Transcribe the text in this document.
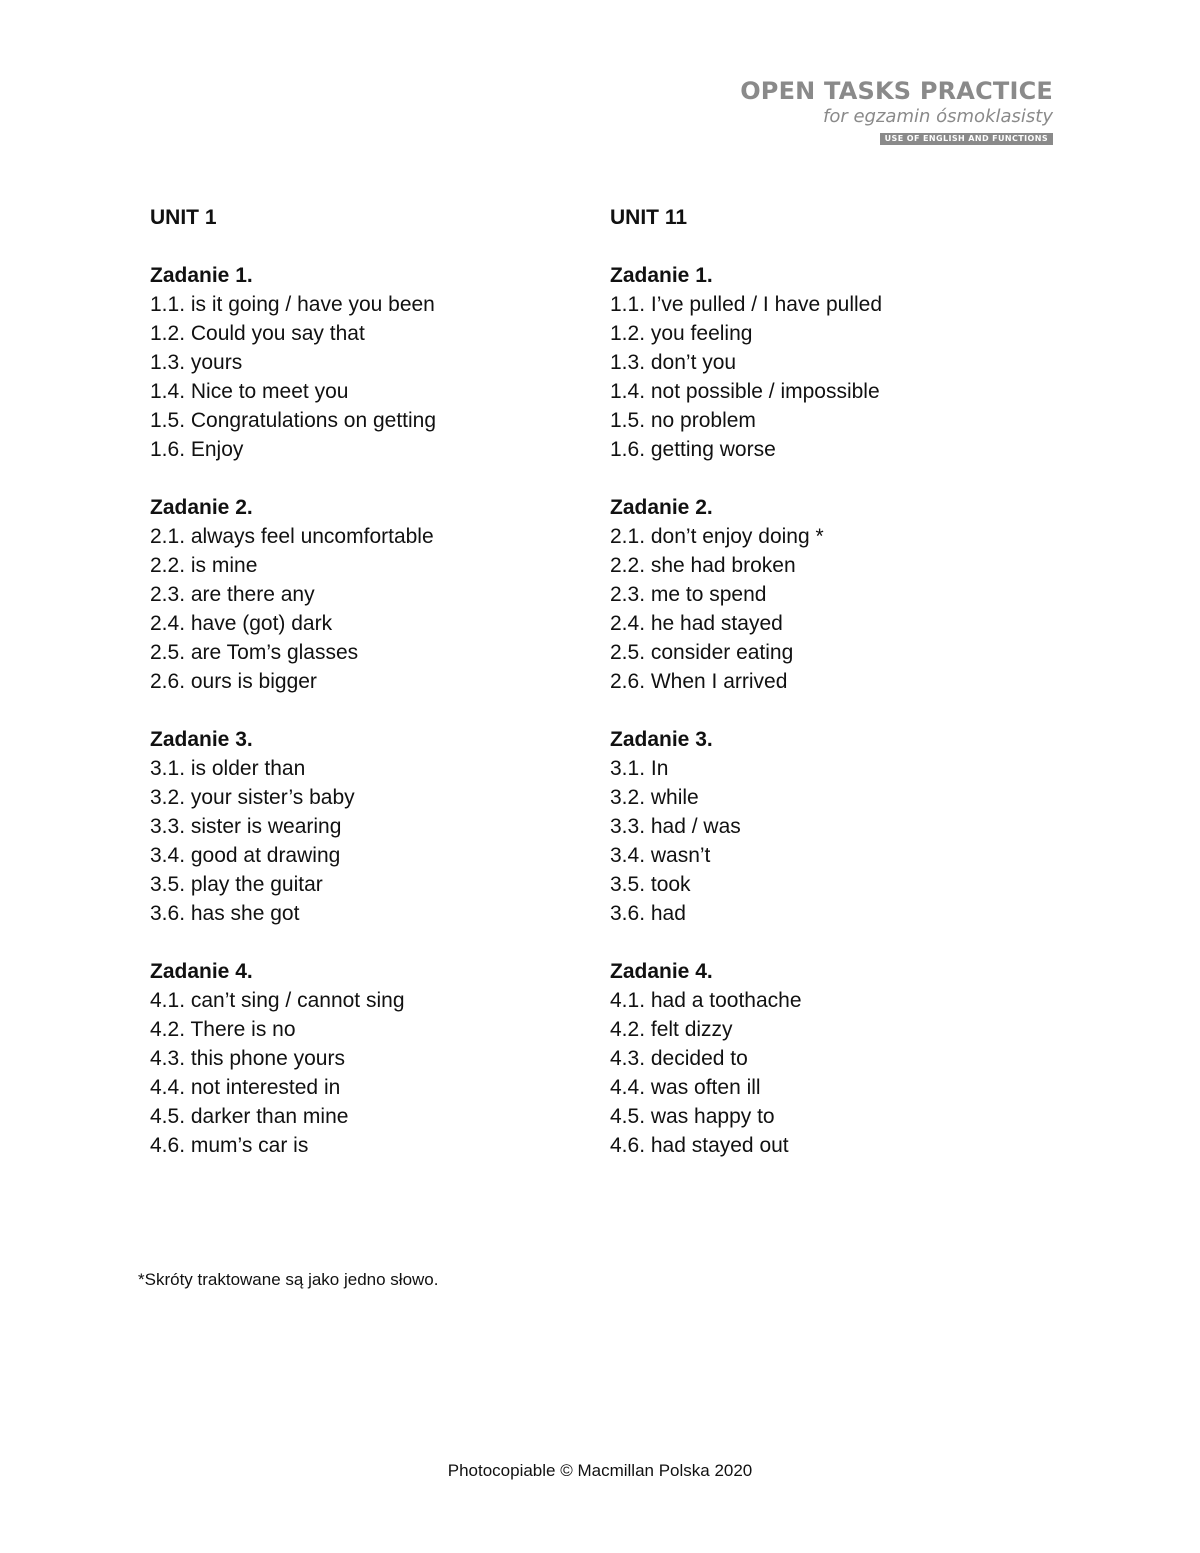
OPEN TASKS PRACTICE
for egzamin ósmoklasisty
USE OF ENGLISH AND FUNCTIONS
UNIT 1
Zadanie 1.
1.1. is it going / have you been
1.2. Could you say that
1.3. yours
1.4. Nice to meet you
1.5. Congratulations on getting
1.6. Enjoy
Zadanie 2.
2.1. always feel uncomfortable
2.2. is mine
2.3. are there any
2.4. have (got) dark
2.5. are Tom’s glasses
2.6. ours is bigger
Zadanie 3.
3.1. is older than
3.2. your sister’s baby
3.3. sister is wearing
3.4. good at drawing
3.5. play the guitar
3.6. has she got
Zadanie 4.
4.1. can’t sing / cannot sing
4.2. There is no
4.3. this phone yours
4.4. not interested in
4.5. darker than mine
4.6. mum’s car is
UNIT 11
Zadanie 1.
1.1. I’ve pulled / I have pulled
1.2. you feeling
1.3. don’t you
1.4. not possible / impossible
1.5. no problem
1.6. getting worse
Zadanie 2.
2.1. don’t enjoy doing *
2.2. she had broken
2.3. me to spend
2.4. he had stayed
2.5. consider eating
2.6. When I arrived
Zadanie 3.
3.1. In
3.2. while
3.3. had / was
3.4. wasn’t
3.5. took
3.6. had
Zadanie 4.
4.1. had a toothache
4.2. felt dizzy
4.3. decided to
4.4. was often ill
4.5. was happy to
4.6. had stayed out
*Skróty traktowane są jako jedno słowo.
Photocopiable © Macmillan Polska 2020
